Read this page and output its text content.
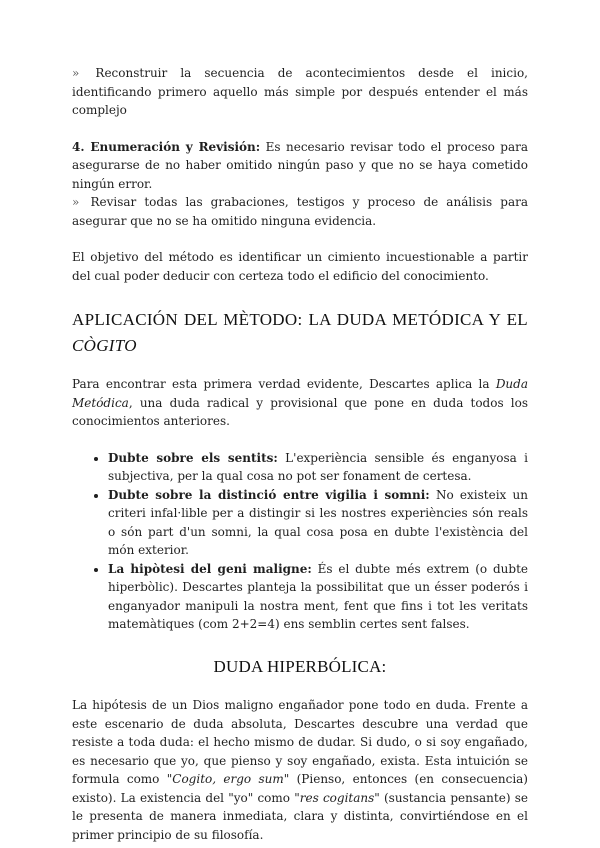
» Reconstruir la secuencia de acontecimientos desde el inicio, identificando primero aquello más simple por después entender el más complejo

4. Enumeración y Revisión: Es necesario revisar todo el proceso para asegurarse de no haber omitido ningún paso y que no se haya cometido ningún error.

» Revisar todas las grabaciones, testigos y proceso de análisis para asegurar que no se ha omitido ninguna evidencia.

El objetivo del método es identificar un cimiento incuestionable a partir del cual poder deducir con certeza todo el edificio del conocimiento.

APLICACIÓN DEL MÈTODO: LA DUDA METÓDICA Y EL
CÒGITO

Para encontrar esta primera verdad evidente, Descartes aplica la Duda Metódica, una duda radical y provisional que pone en duda todos los conocimientos anteriores.

• Dubte sobre els sentits: L'experiència sensible és enganyosa i subjectiva, per la qual cosa no pot ser fonament de certesa.
• Dubte sobre la distinció entre vigilia i somni: No existeix un criteri infal·lible per a distingir si les nostres experiències són reals o són part d'un somni, la qual cosa posa en dubte l'existència del món exterior.
• La hipòtesi del geni maligne: És el dubte més extrem (o dubte hiperbòlic). Descartes planteja la possibilitat que un ésser poderós i enganyador manipuli la nostra ment, fent que fins i tot les veritats matemàtiques (com 2+2=4) ens semblin certes sent falses.
DUDA HIPERBÓLICA:

La hipótesis de un Dios maligno engañador pone todo en duda. Frente a este escenario de duda absoluta, Descartes descubre una verdad que resiste a toda duda: el hecho mismo de dudar. Si dudo, o si soy engañado, es necesario que yo, que pienso y soy engañado, exista. Esta intuición se formula como "Cogito, ergo sum" (Pienso, entonces (en consecuencia) existo). La existencia del "yo" como "res cogitans" (sustancia pensante) se le presenta de manera inmediata, clara y distinta, convirtiéndose en el primer principio de su filosofía.
